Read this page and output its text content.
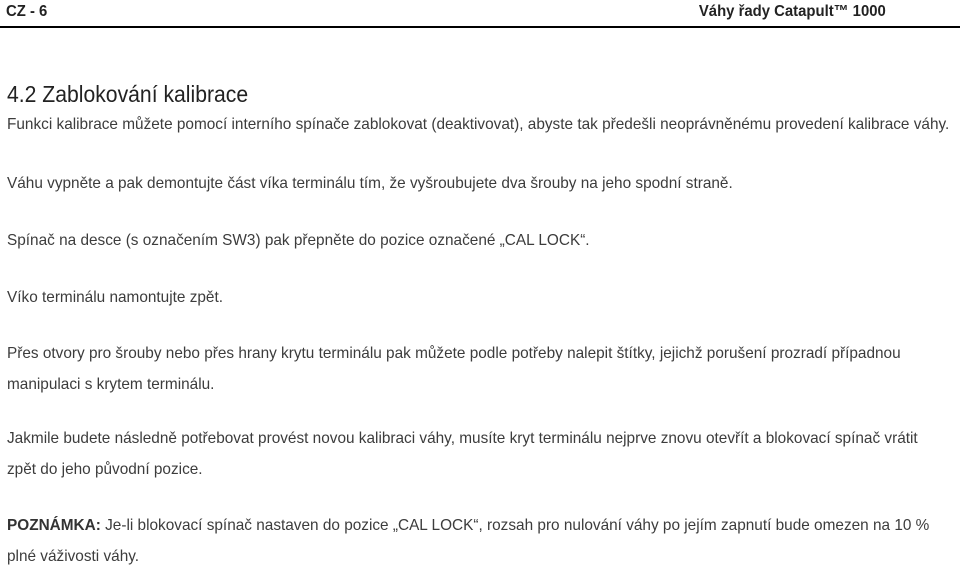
CZ - 6	Váhy řady Catapult™ 1000
4.2 Zablokování kalibrace

Funkci kalibrace můžete pomocí interního spínače zablokovat (deaktivovat), abyste tak předešli neoprávněnému provedení kalibrace váhy.

Váhu vypněte a pak demontujte část víka terminálu tím, že vyšroubujete dva šrouby na jeho spodní straně.

Spínač na desce (s označením SW3) pak přepněte do pozice označené „CAL LOCK“.

Víko terminálu namontujte zpět.

Přes otvory pro šrouby nebo přes hrany krytu terminálu pak můžete podle potřeby nalepit štítky, jejichž porušení prozradí případnou
manipulaci s krytem terminálu.

Jakmile budete následně potřebovat provést novou kalibraci váhy, musíte kryt terminálu nejprve znovu otevřít a blokovací spínač vrátit
zpět do jeho původní pozice.

POZNÁMKA: Je-li blokovací spínač nastaven do pozice „CAL LOCK“, rozsah pro nulování váhy po jejím zapnutí bude omezen na 10 %
plné váživosti váhy.
